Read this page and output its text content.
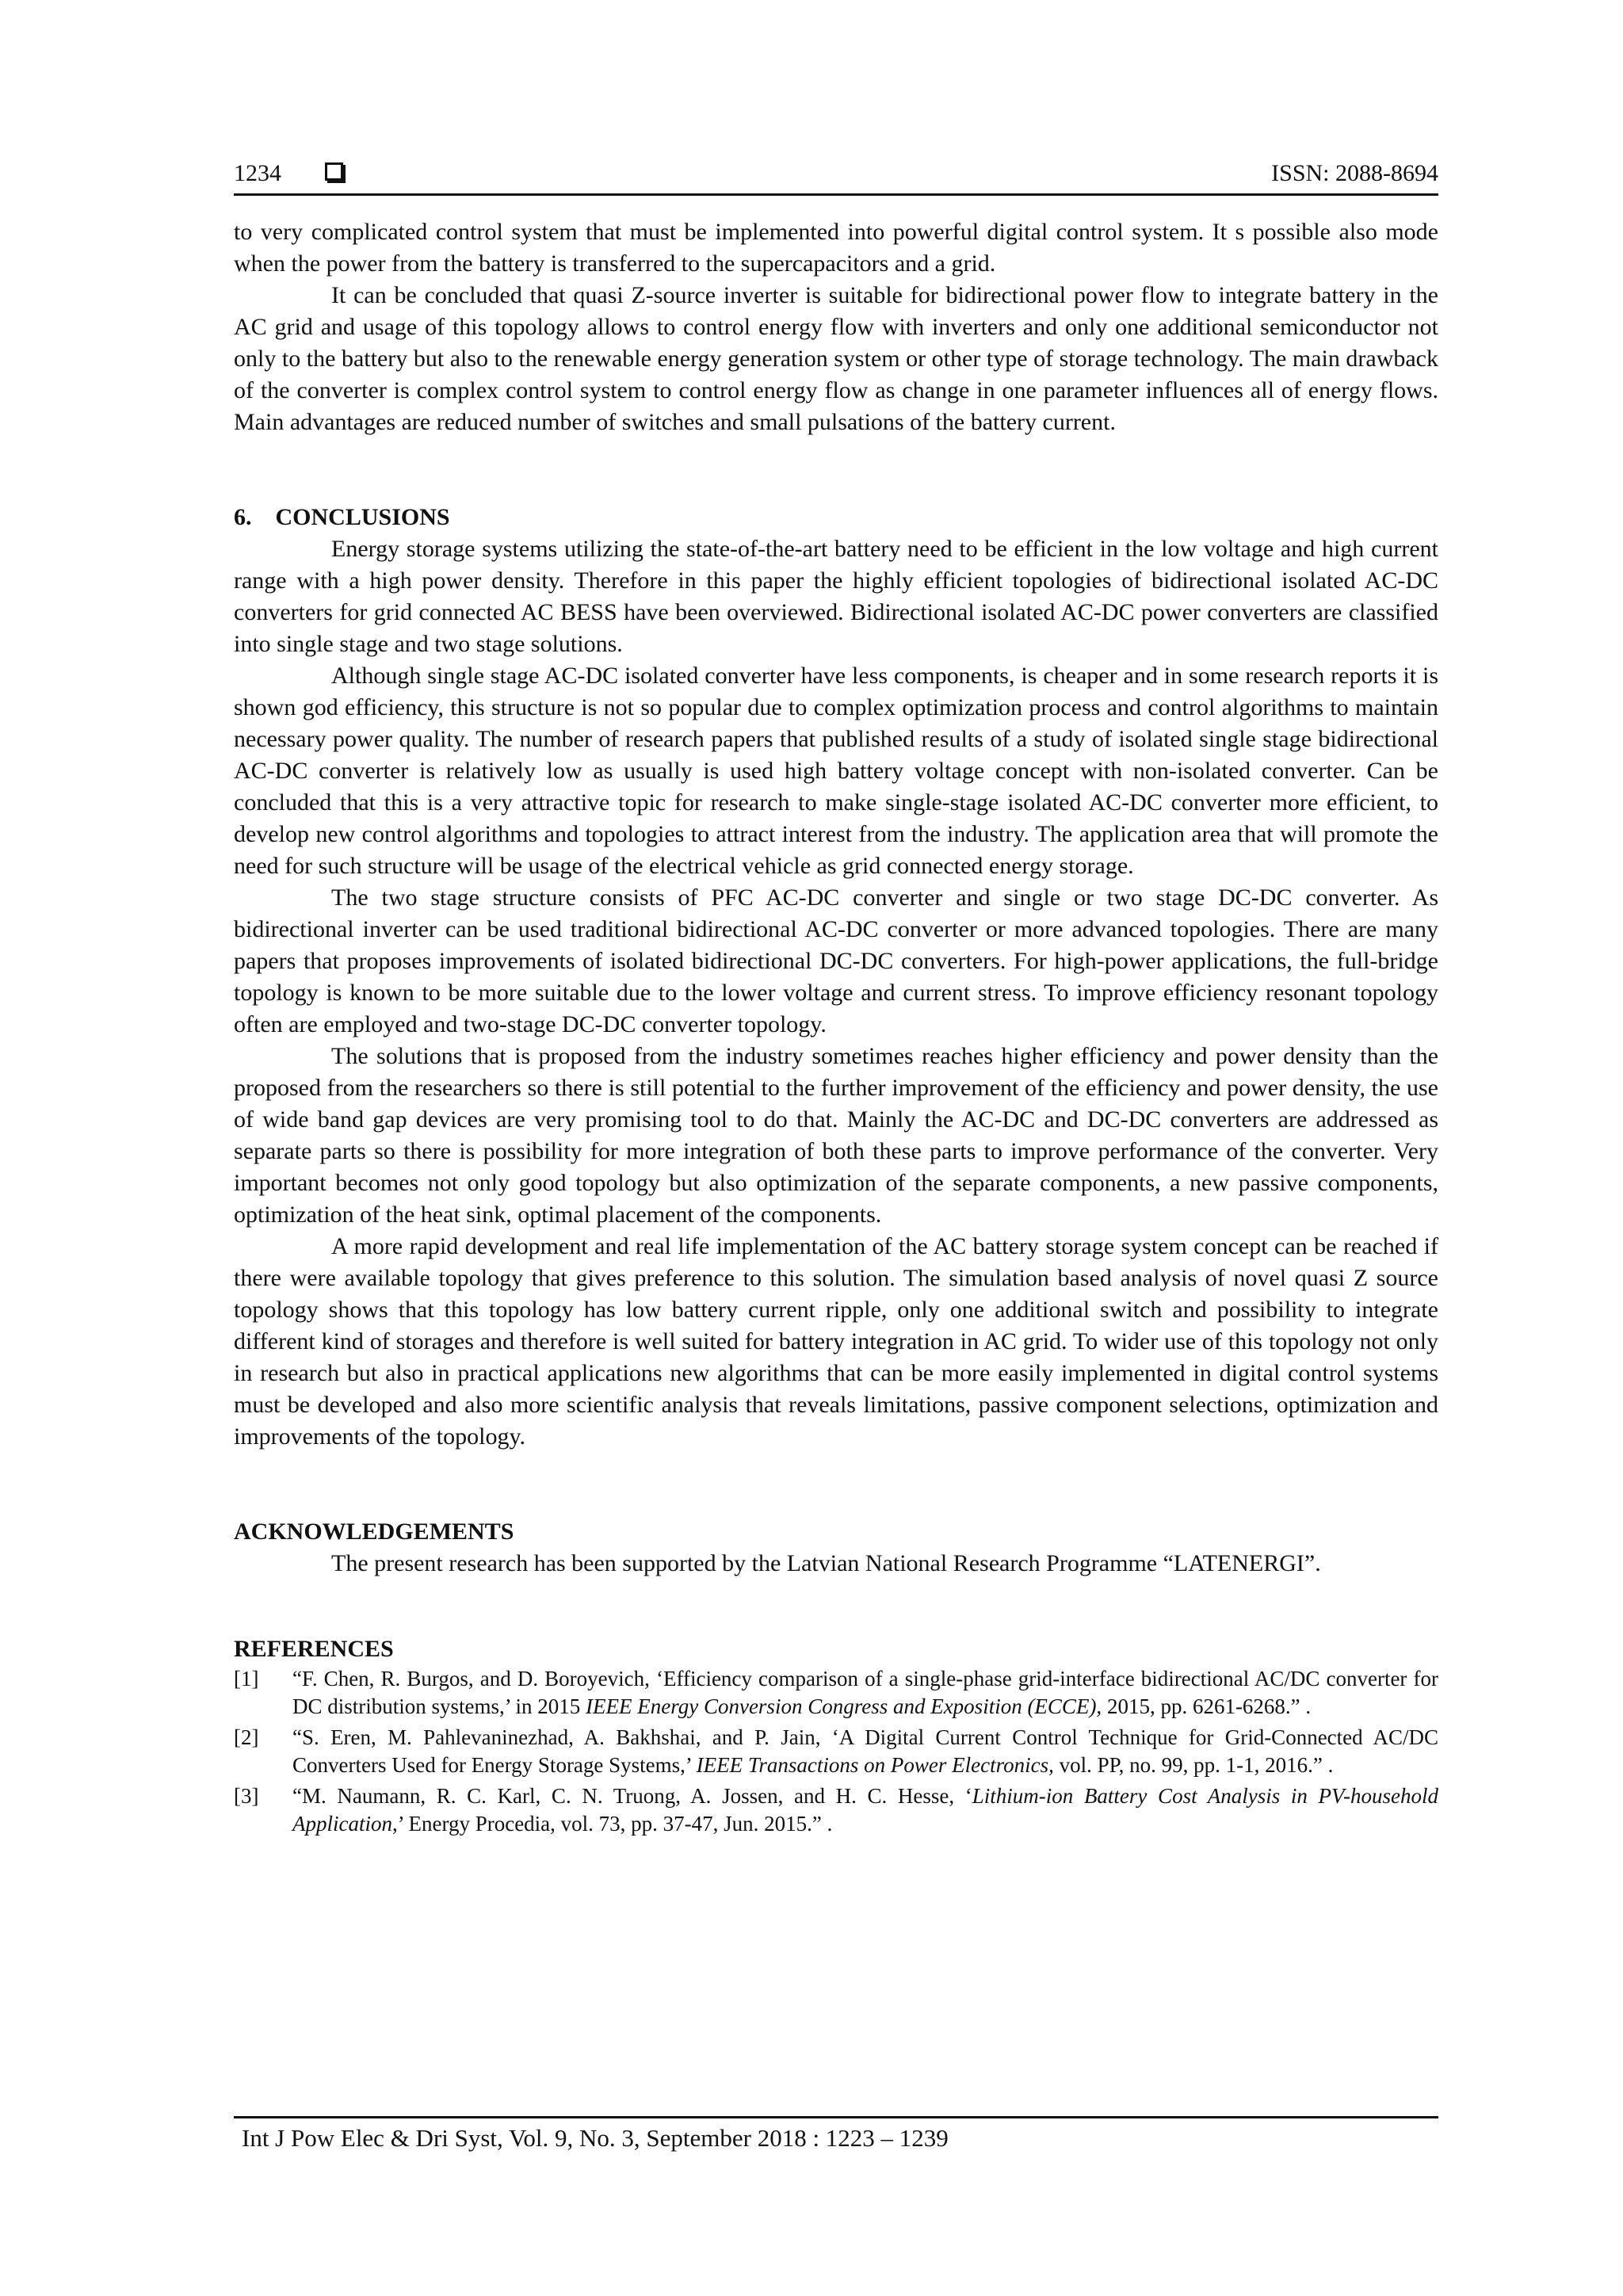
1234	ISSN: 2088-8694

to very complicated control system that must be implemented into powerful digital control system. It s possible also mode when the power from the battery is transferred to the supercapacitors and a grid.

It can be concluded that quasi Z-source inverter is suitable for bidirectional power flow to integrate battery in the AC grid and usage of this topology allows to control energy flow with inverters and only one additional semiconductor not only to the battery but also to the renewable energy generation system or other type of storage technology. The main drawback of the converter is complex control system to control energy flow as change in one parameter influences all of energy flows. Main advantages are reduced number of switches and small pulsations of the battery current.

6.    CONCLUSIONS

Energy storage systems utilizing the state-of-the-art battery need to be efficient in the low voltage and high current range with a high power density. Therefore in this paper the highly efficient topologies of bidirectional isolated AC-DC converters for grid connected AC BESS have been overviewed. Bidirectional isolated AC-DC power converters are classified into single stage and two stage solutions.

Although single stage AC-DC isolated converter have less components, is cheaper and in some research reports it is shown god efficiency, this structure is not so popular due to complex optimization process and control algorithms to maintain necessary power quality. The number of research papers that published results of a study of isolated single stage bidirectional AC-DC converter is relatively low as usually is used high battery voltage concept with non-isolated converter. Can be concluded that this is a very attractive topic for research to make single-stage isolated AC-DC converter more efficient, to develop new control algorithms and topologies to attract interest from the industry. The application area that will promote the need for such structure will be usage of the electrical vehicle as grid connected energy storage.

The two stage structure consists of PFC AC-DC converter and single or two stage DC-DC converter. As bidirectional inverter can be used traditional bidirectional AC-DC converter or more advanced topologies. There are many papers that proposes improvements of isolated bidirectional DC-DC converters. For high-power applications, the full-bridge topology is known to be more suitable due to the lower voltage and current stress. To improve efficiency resonant topology often are employed and two-stage DC-DC converter topology.

The solutions that is proposed from the industry sometimes reaches higher efficiency and power density than the proposed from the researchers so there is still potential to the further improvement of the efficiency and power density, the use of wide band gap devices are very promising tool to do that. Mainly the AC-DC and DC-DC converters are addressed as separate parts so there is possibility for more integration of both these parts to improve performance of the converter. Very important becomes not only good topology but also optimization of the separate components, a new passive components, optimization of the heat sink, optimal placement of the components.

A more rapid development and real life implementation of the AC battery storage system concept can be reached if there were available topology that gives preference to this solution. The simulation based analysis of novel quasi Z source topology shows that this topology has low battery current ripple, only one additional switch and possibility to integrate different kind of storages and therefore is well suited for battery integration in AC grid. To wider use of this topology not only in research but also in practical applications new algorithms that can be more easily implemented in digital control systems must be developed and also more scientific analysis that reveals limitations, passive component selections, optimization and improvements of the topology.

ACKNOWLEDGEMENTS

The present research has been supported by the Latvian National Research Programme “LATENERGI”.

REFERENCES

[1]	“F. Chen, R. Burgos, and D. Boroyevich, ‘Efficiency comparison of a single-phase grid-interface bidirectional AC/DC converter for DC distribution systems,’ in 2015 IEEE Energy Conversion Congress and Exposition (ECCE), 2015, pp. 6261-6268.” .
[2]	“S. Eren, M. Pahlevaninezhad, A. Bakhshai, and P. Jain, ‘A Digital Current Control Technique for Grid-Connected AC/DC Converters Used for Energy Storage Systems,’ IEEE Transactions on Power Electronics, vol. PP, no. 99, pp. 1-1, 2016.” .
[3]	“M. Naumann, R. C. Karl, C. N. Truong, A. Jossen, and H. C. Hesse, ‘Lithium-ion Battery Cost Analysis in PV-household Application,’ Energy Procedia, vol. 73, pp. 37-47, Jun. 2015.” .
Int J Pow Elec & Dri Syst, Vol. 9, No. 3, September 2018 : 1223 – 1239
